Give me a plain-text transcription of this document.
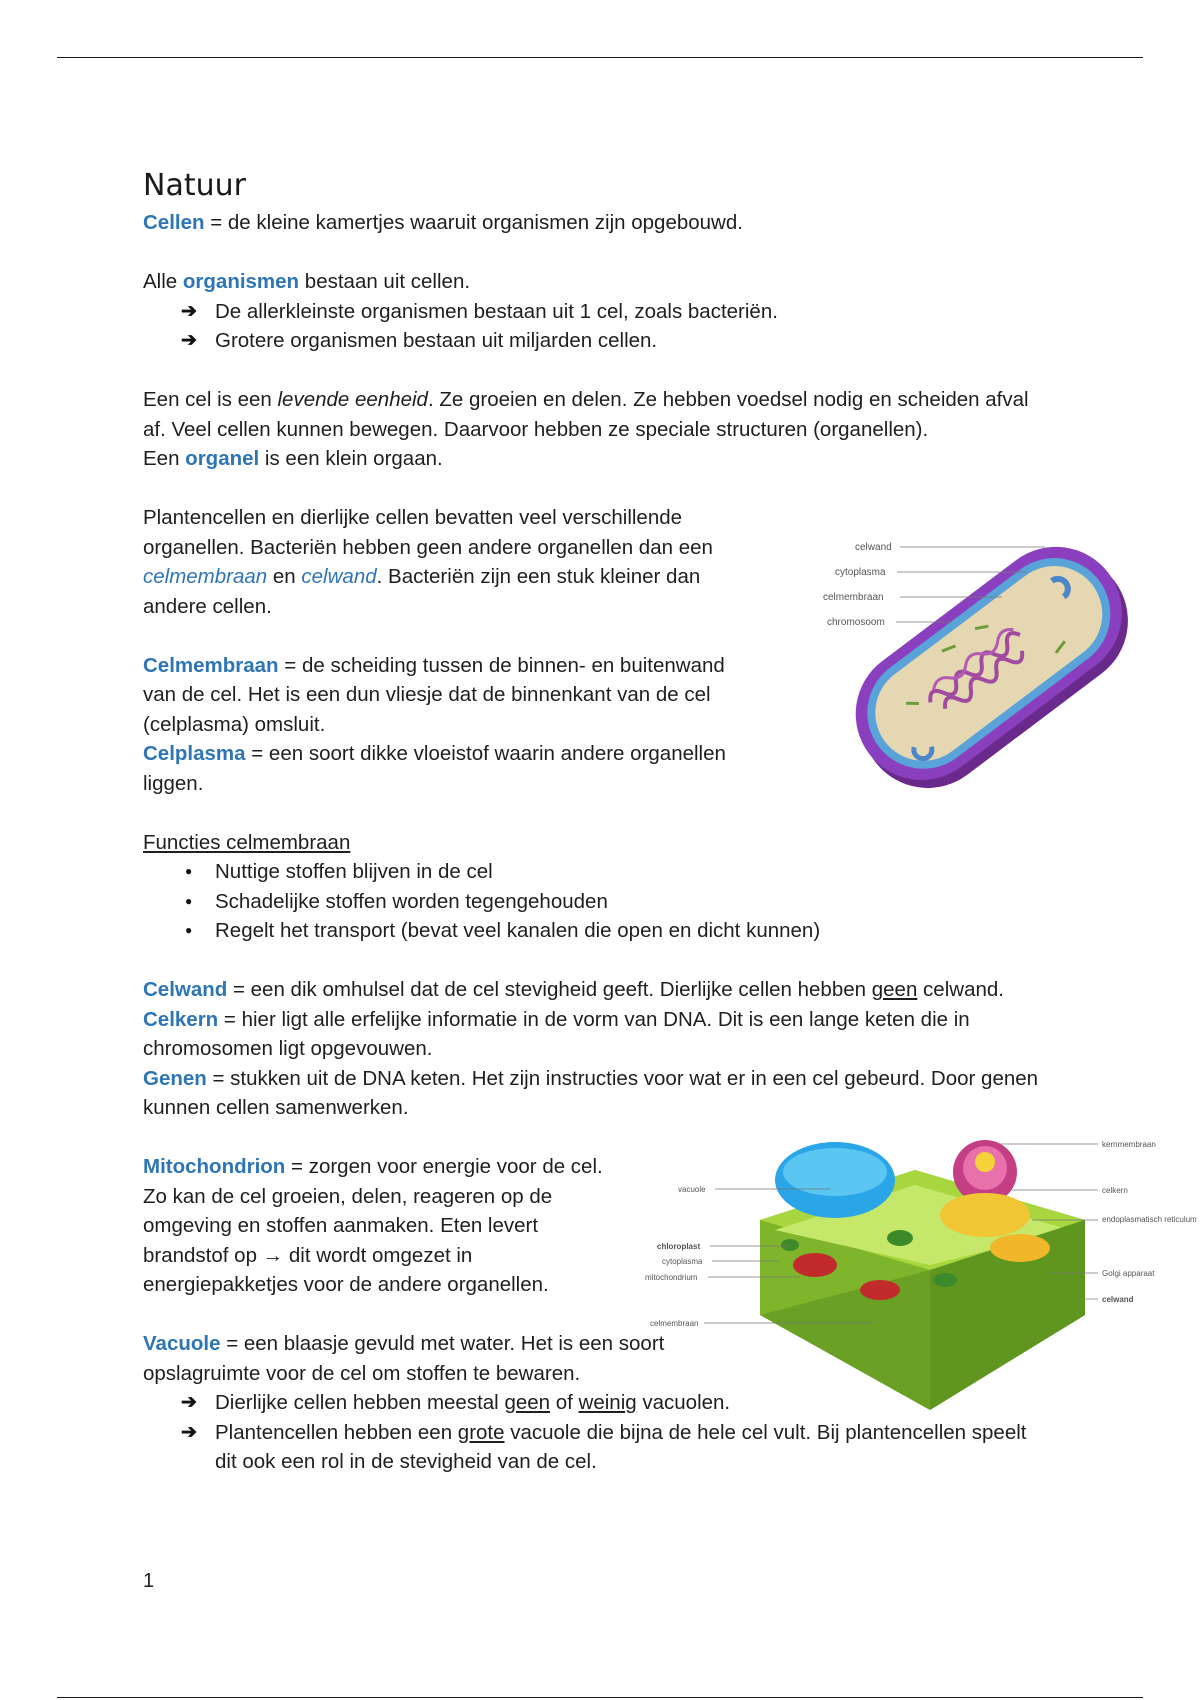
Natuur

Cellen = de kleine kamertjes waaruit organismen zijn opgebouwd.

Alle organismen bestaan uit cellen.

➔ De allerkleinste organismen bestaan uit 1 cel, zoals bacteriën.
➔ Grotere organismen bestaan uit miljarden cellen.

Een cel is een levende eenheid. Ze groeien en delen. Ze hebben voedsel nodig en scheiden afval af. Veel cellen kunnen bewegen. Daarvoor hebben ze speciale structuren (organellen).

Een organel is een klein orgaan.

Plantencellen en dierlijke cellen bevatten veel verschillende organellen. Bacteriën hebben geen andere organellen dan een celmembraan en celwand. Bacteriën zijn een stuk kleiner dan andere cellen.

Celmembraan = de scheiding tussen de binnen- en buitenwand van de cel. Het is een dun vliesje dat de binnenkant van de cel (celplasma) omsluit.

Celplasma = een soort dikke vloeistof waarin andere organellen liggen.

Functies celmembraan

● Nuttige stoffen blijven in de cel
● Schadelijke stoffen worden tegengehouden
● Regelt het transport (bevat veel kanalen die open en dicht kunnen)

Celwand = een dik omhulsel dat de cel stevigheid geeft. Dierlijke cellen hebben geen celwand.

Celkern = hier ligt alle erfelijke informatie in de vorm van DNA. Dit is een lange keten die in chromosomen ligt opgevouwen.

Genen = stukken uit de DNA keten. Het zijn instructies voor wat er in een cel gebeurd. Door genen kunnen cellen samenwerken.

Mitochondrion = zorgen voor energie voor de cel.

Zo kan de cel groeien, delen, reageren op de

omgeving en stoffen aanmaken. Eten levert

brandstof op → dit wordt omgezet in

energiepakketjes voor de andere organellen.

Vacuole = een blaasje gevuld met water. Het is een soort

opslagruimte voor de cel om stoffen te bewaren.

➔ Dierlijke cellen hebben meestal geen of weinig vacuolen.
➔ Plantencellen hebben een grote vacuole die bijna de hele cel vult. Bij plantencellen speelt dit ook een rol in de stevigheid van de cel.
celwand
cytoplasma
celmembraan
chromosoom
vacuole
chloroplast
cytoplasma
mitochondrium
celmembraan
kernmembraan
celkern
endoplasmatisch reticulum
Golgi apparaat
celwand
1
